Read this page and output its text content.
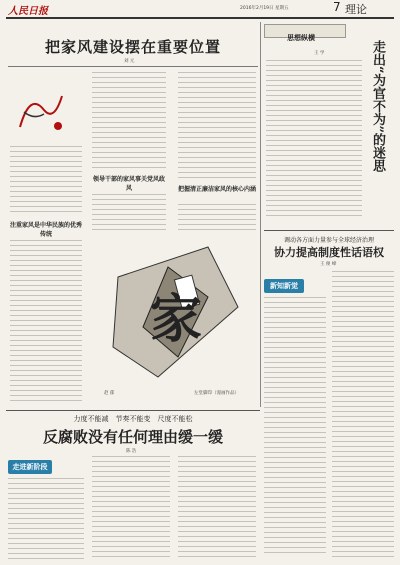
人民日报	2016年2月19日 星期五	7 理论
把家风建设摆在重要位置
刘 元
注重家风是中华民族的优秀传统
领导干部的家风事关党风政风	把握清正廉洁家风的核心内涵
家
赵 郁	左堂脚印（漫画作品）
思想纵横
走出“为官不为”的迷思
王 学
调动各方面力量参与全球经济治理
协力提高制度性话语权
王 俊 峰
新知新觉
力度不能减　节奏不能变　尺度不能松
反腐败没有任何理由缓一缓
陈 浩
走进新阶段
